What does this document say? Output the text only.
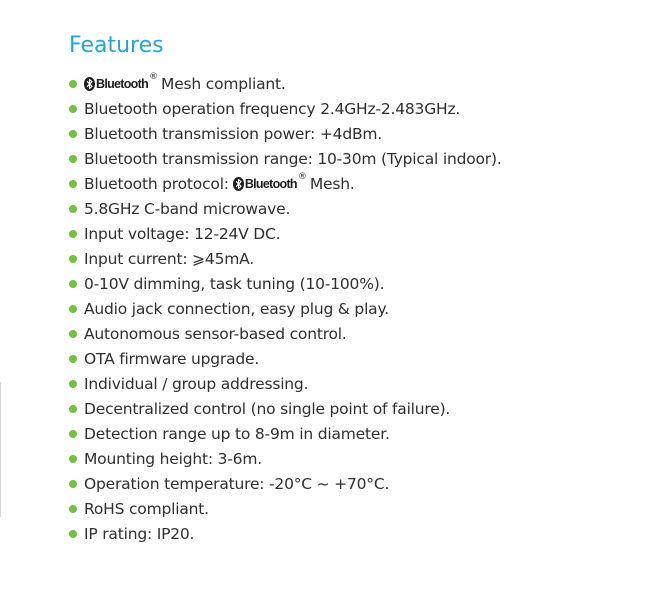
Features
Bluetooth ® Mesh compliant.
Bluetooth operation frequency 2.4GHz-2.483GHz.
Bluetooth transmission power: +4dBm.
Bluetooth transmission range: 10-30m (Typical indoor).
Bluetooth protocol: Bluetooth ® Mesh.
5.8GHz C-band microwave.
Input voltage: 12-24V DC.
Input current: ⩾45mA.
0-10V dimming, task tuning (10-100%).
Audio jack connection, easy plug & play.
Autonomous sensor-based control.
OTA firmware upgrade.
Individual / group addressing.
Decentralized control (no single point of failure).
Detection range up to 8-9m in diameter.
Mounting height: 3-6m.
Operation temperature: -20°C ~ +70°C.
RoHS compliant.
IP rating: IP20.
